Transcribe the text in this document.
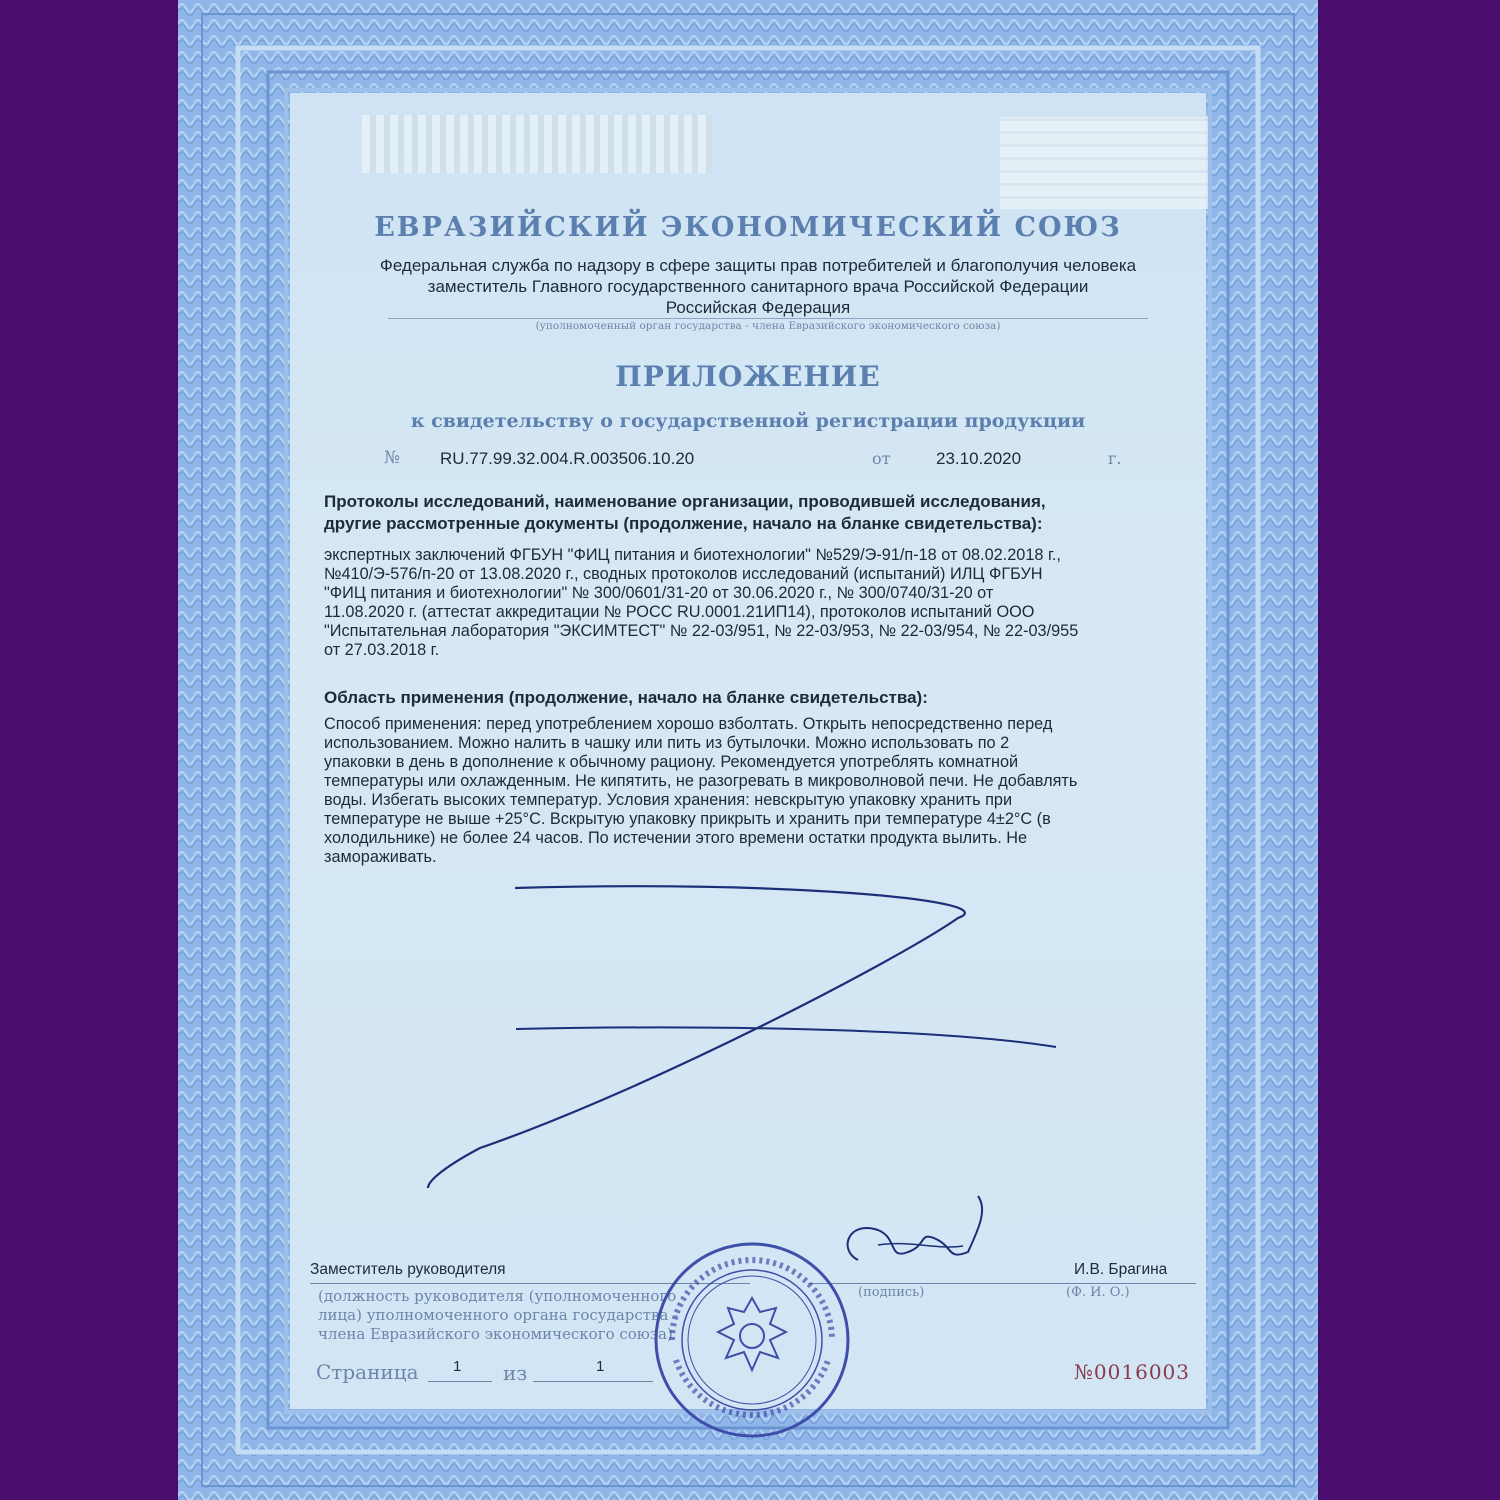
ЕВРАЗИЙСКИЙ ЭКОНОМИЧЕСКИЙ СОЮЗ
Федеральная служба по надзору в сфере защиты прав потребителей и благополучия человека
заместитель Главного государственного санитарного врача Российской Федерации
Российская Федерация
(уполномоченный орган государства - члена Евразийского экономического союза)
ПРИЛОЖЕНИЕ
к свидетельству о государственной регистрации продукции
№ RU.77.99.32.004.R.003506.10.20	от	23.10.2020	г.
Протоколы исследований, наименование организации, проводившей исследования,
другие рассмотренные документы (продолжение, начало на бланке свидетельства):
экспертных заключений ФГБУН "ФИЦ питания и биотехнологии" №529/Э-91/п-18 от 08.02.2018 г.,
№410/Э-576/п-20 от 13.08.2020 г., сводных протоколов исследований (испытаний) ИЛЦ ФГБУН
"ФИЦ питания и биотехнологии" № 300/0601/31-20 от 30.06.2020 г., № 300/0740/31-20 от
11.08.2020 г. (аттестат аккредитации № РОСС RU.0001.21ИП14), протоколов испытаний ООО
"Испытательная лаборатория "ЭКСИМТЕСТ" № 22-03/951, № 22-03/953, № 22-03/954, № 22-03/955
от 27.03.2018 г.
Область применения (продолжение, начало на бланке свидетельства):
Способ применения: перед употреблением хорошо взболтать. Открыть непосредственно перед
использованием. Можно налить в чашку или пить из бутылочки. Можно использовать по 2
упаковки в день в дополнение к обычному рациону. Рекомендуется употреблять комнатной
температуры или охлажденным. Не кипятить, не разогревать в микроволновой печи. Не добавлять
воды. Избегать высоких температур. Условия хранения: невскрытую упаковку хранить при
температуре не выше +25°С. Вскрытую упаковку прикрыть и хранить при температуре 4±2°С (в
холодильнике) не более 24 часов. По истечении этого времени остатки продукта вылить. Не
замораживать.
Заместитель руководителя	И.В. Брагина
(должность руководителя (уполномоченного
лица) уполномоченного органа государства -
члена Евразийского экономического союза)
(подпись)	(Ф. И. О.)
Страница 1 из	1	№0016003
